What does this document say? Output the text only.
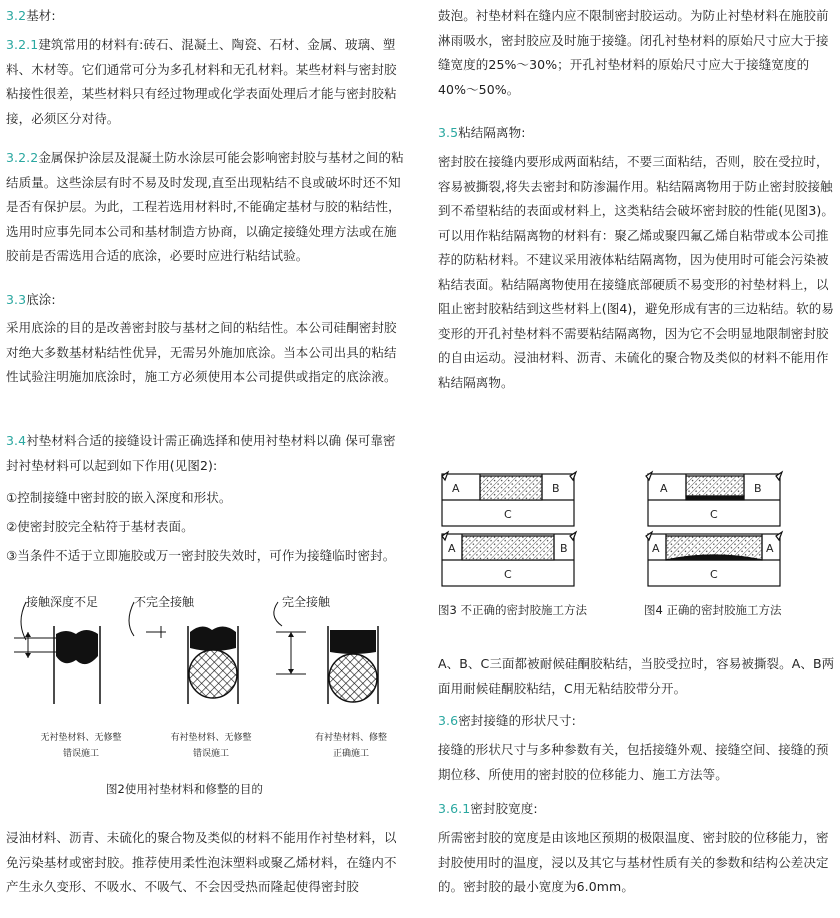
3.2基材:

3.2.1建筑常用的材料有:砖石、混凝土、陶瓷、石材、金属、玻璃、塑料、木材等。它们通常可分为多孔材料和无孔材料。某些材料与密封胶粘接性很差，某些材料只有经过物理或化学表面处理后才能与密封胶粘接，必须区分对待。

3.2.2金属保护涂层及混凝土防水涂层可能会影响密封胶与基材之间的粘结质量。这些涂层有时不易及时发现,直至出现粘结不良或破坏时还不知是否有保护层。为此，工程若选用材料时,不能确定基材与胶的粘结性，选用时应事先同本公司和基材制造方协商，以确定接缝处理方法或在施胶前是否需选用合适的底涂，必要时应进行粘结试验。

3.3底涂:

采用底涂的目的是改善密封胶与基材之间的粘结性。本公司硅酮密封胶对绝大多数基材粘结性优异，无需另外施加底涂。当本公司出具的粘结性试验注明施加底涂时，施工方必须使用本公司提供或指定的底涂液。

3.4衬垫材料合适的接缝设计需正确选择和使用衬垫材料以确 保可靠密封衬垫材料可以起到如下作用(见图2):

①控制接缝中密封胶的嵌入深度和形状。

②使密封胶完全粘符于基材表面。

③当条件不适于立即施胶或万一密封胶失效时，可作为接缝临时密封。

接触深度不足	不完全接触	完全接触
无衬垫材料、无修整
错误施工
有衬垫材料、无修整
错误施工
有衬垫材料、修整
正确施工
图2使用衬垫材料和修整的目的

浸油材料、沥青、未硫化的聚合物及类似的材料不能用作衬垫材料，以免污染基材或密封胶。推荐使用柔性泡沫塑料或聚乙烯材料，在缝内不产生永久变形、不吸水、不吸气、不会因受热而隆起使得密封胶

鼓泡。衬垫材料在缝内应不限制密封胶运动。为防止衬垫材料在施胶前淋雨吸水，密封胶应及时施于接缝。闭孔衬垫材料的原始尺寸应大于接缝宽度的25%～30%；开孔衬垫材料的原始尺寸应大于接缝宽度的40%～50%。

3.5粘结隔离物:

密封胶在接缝内要形成两面粘结，不要三面粘结，否则，胶在受拉时，容易被撕裂,将失去密封和防渗漏作用。粘结隔离物用于防止密封胶接触到不希望粘结的表面或材料上，这类粘结会破坏密封胶的性能(见图3)。可以用作粘结隔离物的材料有：聚乙烯或聚四氟乙烯自粘带或本公司推荐的防粘材料。不建议采用液体粘结隔离物，因为使用时可能会污染被粘结表面。粘结隔离物使用在接缝底部硬质不易变形的衬垫材料上，以阻止密封胶粘结到这些材料上(图4)，避免形成有害的三边粘结。软的易变形的开孔衬垫材料不需要粘结隔离物，因为它不会明显地限制密封胶的自由运动。浸油材料、沥青、未硫化的聚合物及类似的材料不能用作粘结隔离物。

A	B
C
A	B
C
A	B
C
A	A
C
图3 不正确的密封胶施工方法	图4 正确的密封胶施工方法

A、B、C三面都被耐候硅酮胶粘结，当胶受拉时，容易被撕裂。A、B两面用耐候硅酮胶粘结，C用无粘结胶带分开。

3.6密封接缝的形状尺寸:

接缝的形状尺寸与多种参数有关，包括接缝外观、接缝空间、接缝的预期位移、所使用的密封胶的位移能力、施工方法等。

3.6.1密封胶宽度:

所需密封胶的宽度是由该地区预期的极限温度、密封胶的位移能力，密封胶使用时的温度，浸以及其它与基材性质有关的参数和结构公差决定的。密封胶的最小宽度为6.0mm。
